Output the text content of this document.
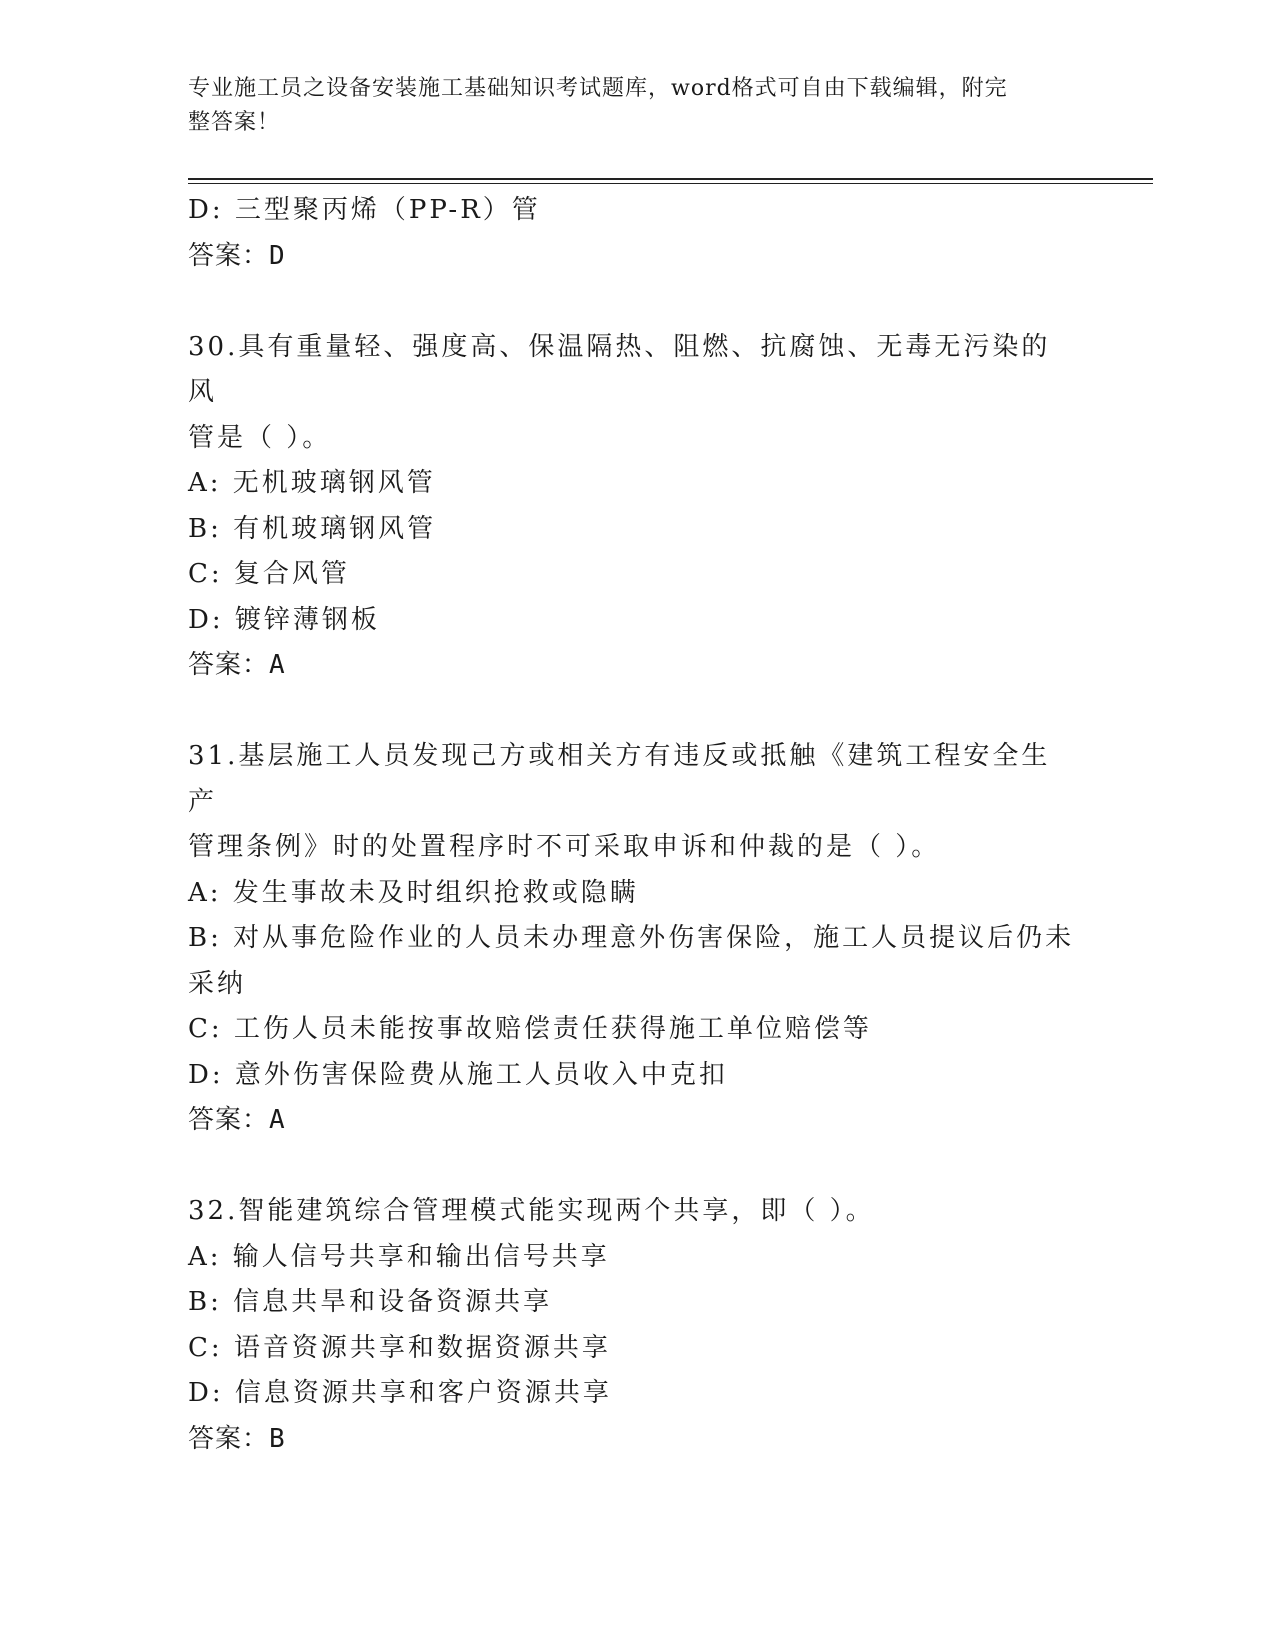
专业施工员之设备安装施工基础知识考试题库，word格式可自由下载编辑，附完
整答案！
D: 三型聚丙烯（PP-R）管
答案：D
30.具有重量轻、强度高、保温隔热、阻燃、抗腐蚀、无毒无污染的风
管是（ ）。
A: 无机玻璃钢风管
B: 有机玻璃钢风管
C: 复合风管
D: 镀锌薄钢板
答案：A
31.基层施工人员发现己方或相关方有违反或抵触《建筑工程安全生产
管理条例》时的处置程序时不可采取申诉和仲裁的是（ ）。
A: 发生事故未及时组织抢救或隐瞒
B: 对从事危险作业的人员未办理意外伤害保险，施工人员提议后仍未
采纳
C: 工伤人员未能按事故赔偿责任获得施工单位赔偿等
D: 意外伤害保险费从施工人员收入中克扣
答案：A
32.智能建筑综合管理模式能实现两个共享，即（ ）。
A: 输人信号共享和输出信号共享
B: 信息共旱和设备资源共享
C: 语音资源共享和数据资源共享
D: 信息资源共享和客户资源共享
答案：B
